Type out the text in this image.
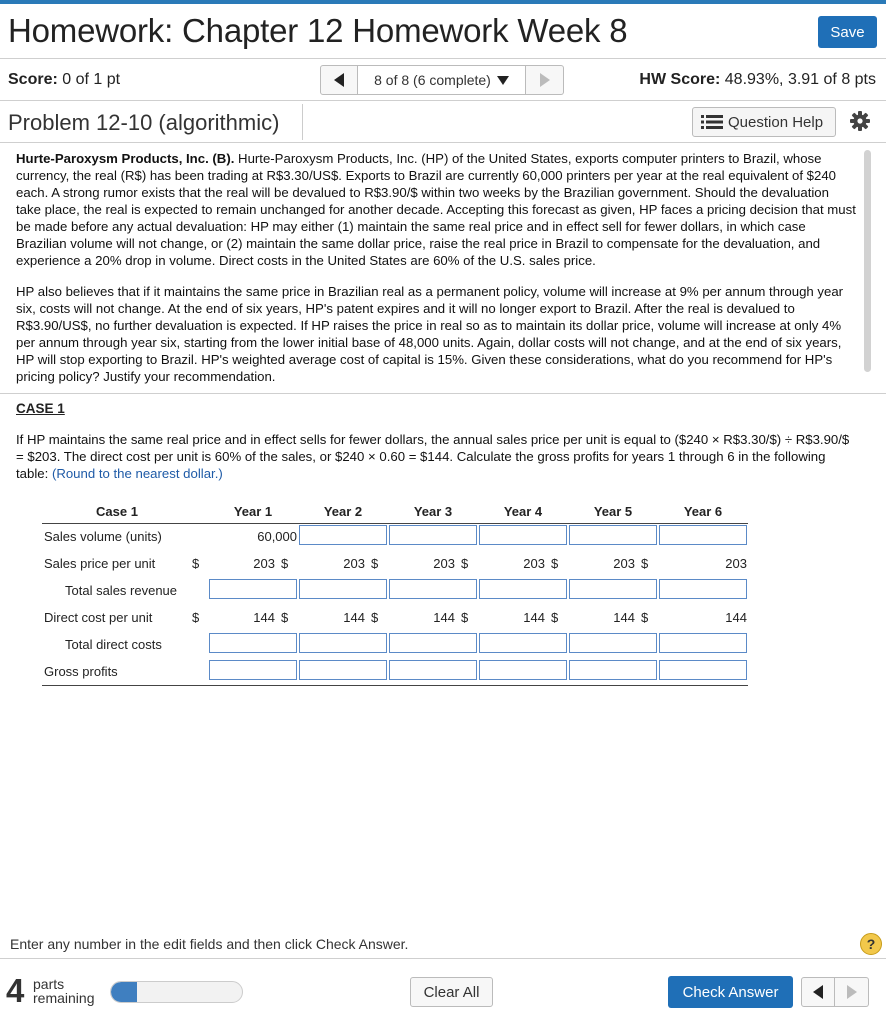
Homework: Chapter 12 Homework Week 8	Save
Score: 0 of 1 pt	8 of 8 (6 complete)	HW Score: 48.93%, 3.91 of 8 pts
Problem 12-10 (algorithmic)	Question Help

Hurte-Paroxysm Products, Inc. (B). Hurte-Paroxysm Products, Inc. (HP) of the United States, exports computer printers to Brazil, whose currency, the real (R$) has been trading at R$3.30/US$. Exports to Brazil are currently 60,000 printers per year at the real equivalent of $240 each. A strong rumor exists that the real will be devalued to R$3.90/$ within two weeks by the Brazilian government. Should the devaluation take place, the real is expected to remain unchanged for another decade. Accepting this forecast as given, HP faces a pricing decision that must be made before any actual devaluation: HP may either (1) maintain the same real price and in effect sell for fewer dollars, in which case Brazilian volume will not change, or (2) maintain the same dollar price, raise the real price in Brazil to compensate for the devaluation, and experience a 20% drop in volume. Direct costs in the United States are 60% of the U.S. sales price.

HP also believes that if it maintains the same price in Brazilian real as a permanent policy, volume will increase at 9% per annum through year six, costs will not change. At the end of six years, HP's patent expires and it will no longer export to Brazil. After the real is devalued to R$3.90/US$, no further devaluation is expected. If HP raises the price in real so as to maintain its dollar price, volume will increase at only 4% per annum through year six, starting from the lower initial base of 48,000 units. Again, dollar costs will not change, and at the end of six years, HP will stop exporting to Brazil. HP's weighted average cost of capital is 15%. Given these considerations, what do you recommend for HP's pricing policy? Justify your recommendation.

CASE 1
If HP maintains the same real price and in effect sells for fewer dollars, the annual sales price per unit is equal to ($240 × R$3.30/$) ÷ R$3.90/$ = $203. The direct cost per unit is 60% of the sales, or $240 × 0.60 = $144. Calculate the gross profits for years 1 through 6 in the following table: (Round to the nearest dollar.)
Case 1		Year 1	Year 2	Year 3	Year 4	Year 5	Year 6
Sales volume (units)		60,000					
Sales price per unit	$	203 $	203 $	203 $	203 $	203 $	203
Total sales revenue							
Direct cost per unit	$	144 $	144 $	144 $	144 $	144 $	144
Total direct costs							
Gross profits							
Enter any number in the edit fields and then click Check Answer.	?
4 parts
remaining	Clear All	Check Answer
